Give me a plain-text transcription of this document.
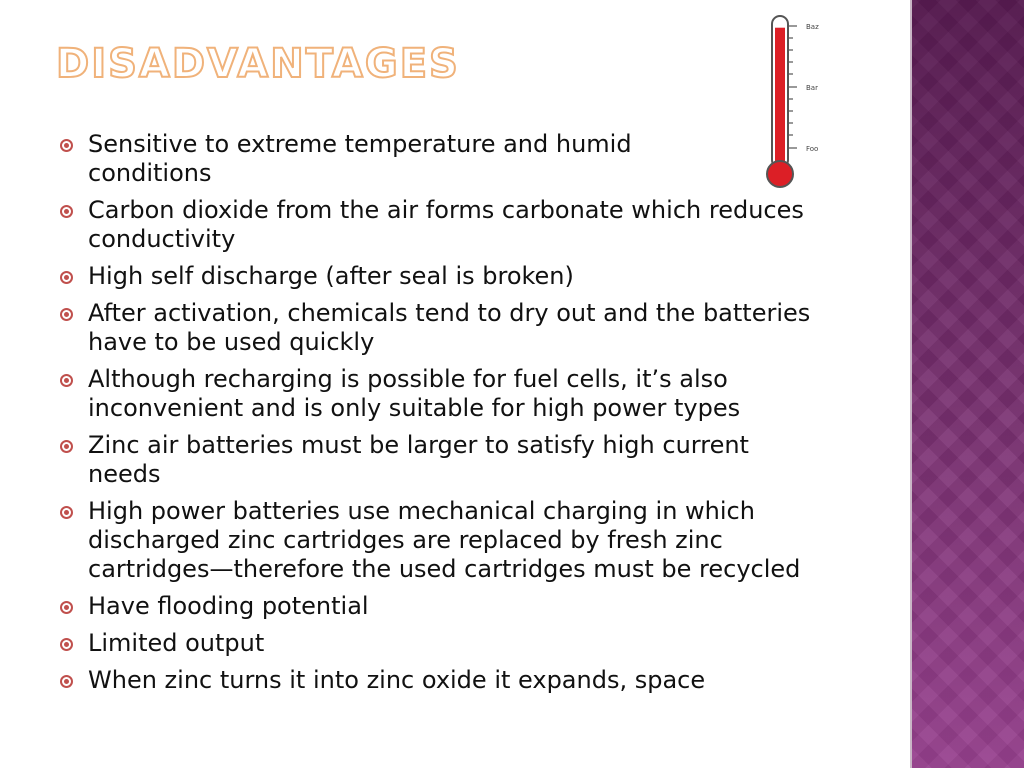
DISADVANTAGES
Baz
Bar
Foo
Sensitive to extreme temperature and humid conditions
Carbon dioxide from the air forms carbonate which reduces conductivity
High self discharge (after seal is broken)
After activation, chemicals tend to dry out and the batteries have to be used quickly
Although recharging is possible for fuel cells, it’s also inconvenient and is only suitable for high power types
Zinc air batteries must be larger to satisfy high current needs
High power batteries use mechanical charging in which discharged zinc cartridges are replaced by fresh zinc cartridges—therefore the used cartridges must be recycled
Have flooding potential
Limited output
When zinc turns it into zinc oxide it expands, space
